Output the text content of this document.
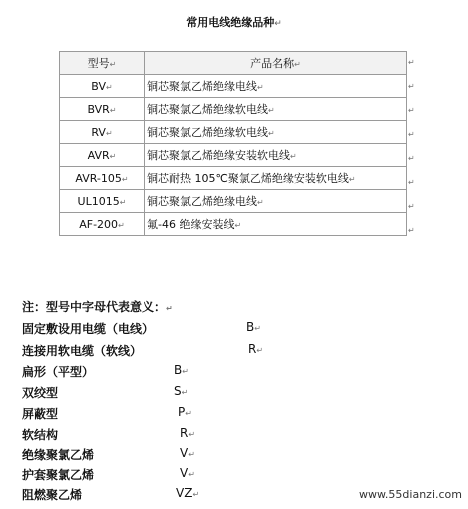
常用电线绝缘品种↵
型号↵	产品名称↵
BV↵	铜芯聚氯乙烯绝缘电线↵
BVR↵	铜芯聚氯乙烯绝缘软电线↵
RV↵	铜芯聚氯乙烯绝缘软电线↵
AVR↵	铜芯聚氯乙烯绝缘安装软电线↵
AVR-105↵	铜芯耐热 105℃聚氯乙烯绝缘安装软电线↵
UL1015↵	铜芯聚氯乙烯绝缘电线↵
AF-200↵	氟-46 绝缘安装线↵
↵
↵
↵
↵
↵
↵
↵
↵
注：型号中字母代表意义：↵
固定敷设用电缆（电线）	B↵
连接用软电缆（软线）	R↵
扁形（平型）	B↵
双绞型	S↵
屏蔽型	P↵
软结构	R↵
绝缘聚氯乙烯	V↵
护套聚氯乙烯	V↵
阻燃聚乙烯	VZ↵	www.55dianzi.com
